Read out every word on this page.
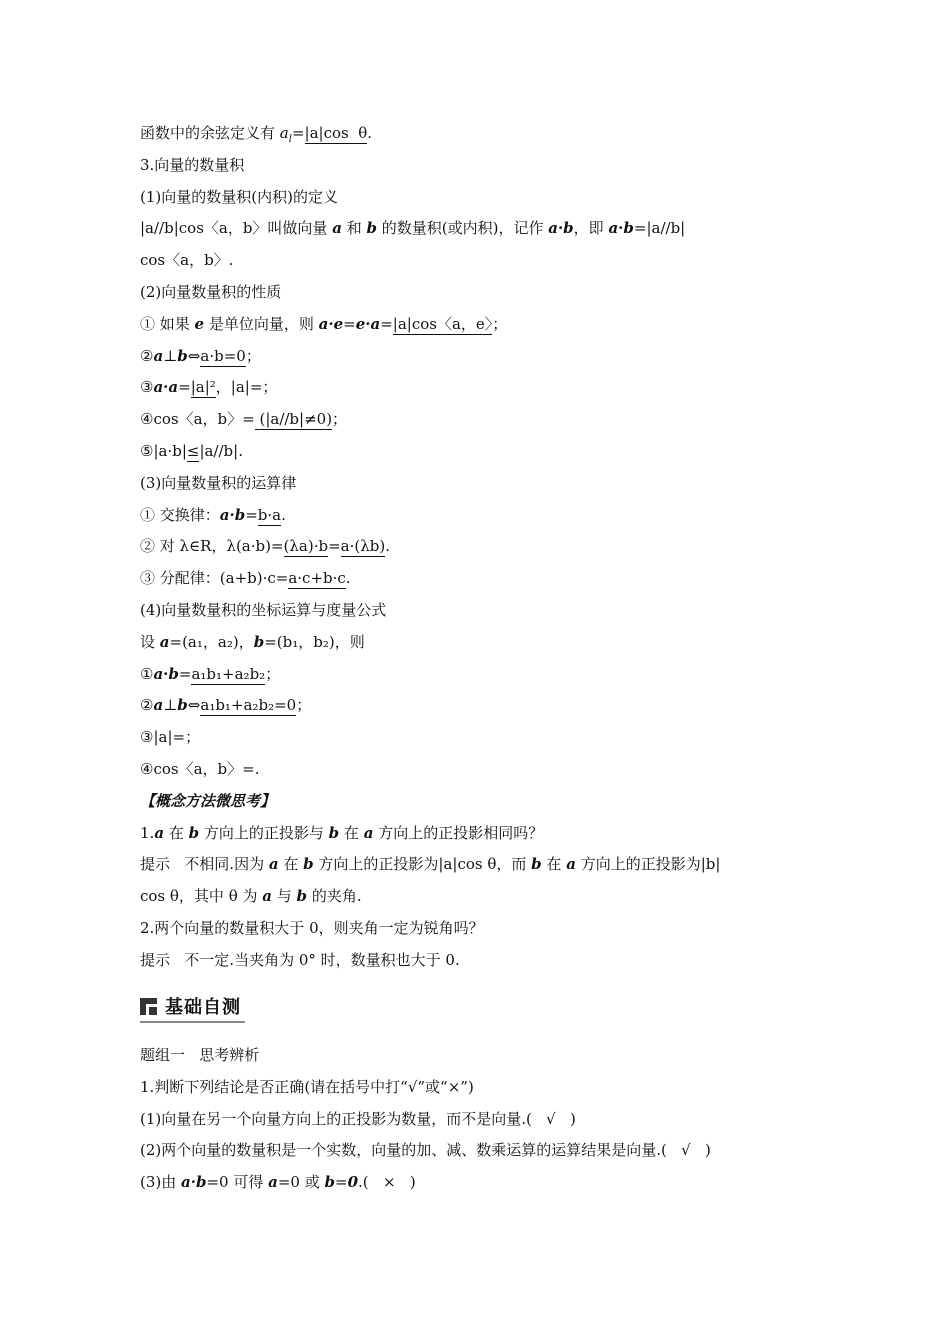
函数中的余弦定义有 $a_l=|a|\cos$  θ.
3.向量的数量积
(1)向量的数量积(内积)的定义
|a//b|cos〈a，b〉叫做向量 a 和 b 的数量积(或内积)，记作 a·b，即 a·b=|a//b|
cos〈a，b〉.
(2)向量数量积的性质
① 如果 e 是单位向量，则 a·e=e·a=|a|cos〈a，e〉；
②a⊥b⇔a·b=0；
③a·a=|a|²，|a|=；
④cos〈a，b〉= (|a//b|≠0)；
⑤|a·b|≤|a//b|.
(3)向量数量积的运算律
① 交换律：a·b=b·a.
② 对 λ∈R，λ(a·b)=(λa)·b=a·(λb).
③ 分配律：(a+b)·c=a·c+b·c.
(4)向量数量积的坐标运算与度量公式
设 a=(a₁，a₂)，b=(b₁，b₂)，则
①a·b=a₁b₁+a₂b₂；
②a⊥b⇔a₁b₁+a₂b₂=0；
③|a|=；
④cos〈a，b〉=.
【概念方法微思考】
1.a 在 b 方向上的正投影与 b 在 a 方向上的正投影相同吗？
提示   不相同.因为 a 在 b 方向上的正投影为|a|cos θ，而 b 在 a 方向上的正投影为|b|
cos θ，其中 θ 为 a 与 b 的夹角.
2.两个向量的数量积大于 0，则夹角一定为锐角吗？
提示   不一定.当夹角为 0° 时，数量积也大于 0.
基础自测
题组一   思考辨析
1.判断下列结论是否正确(请在括号中打“√”或“×”)
(1)向量在另一个向量方向上的正投影为数量，而不是向量.(   √   )
(2)两个向量的数量积是一个实数，向量的加、减、数乘运算的运算结果是向量.(   √   )
(3)由 a·b=0 可得 a=0 或 b=0.(   ×   )
